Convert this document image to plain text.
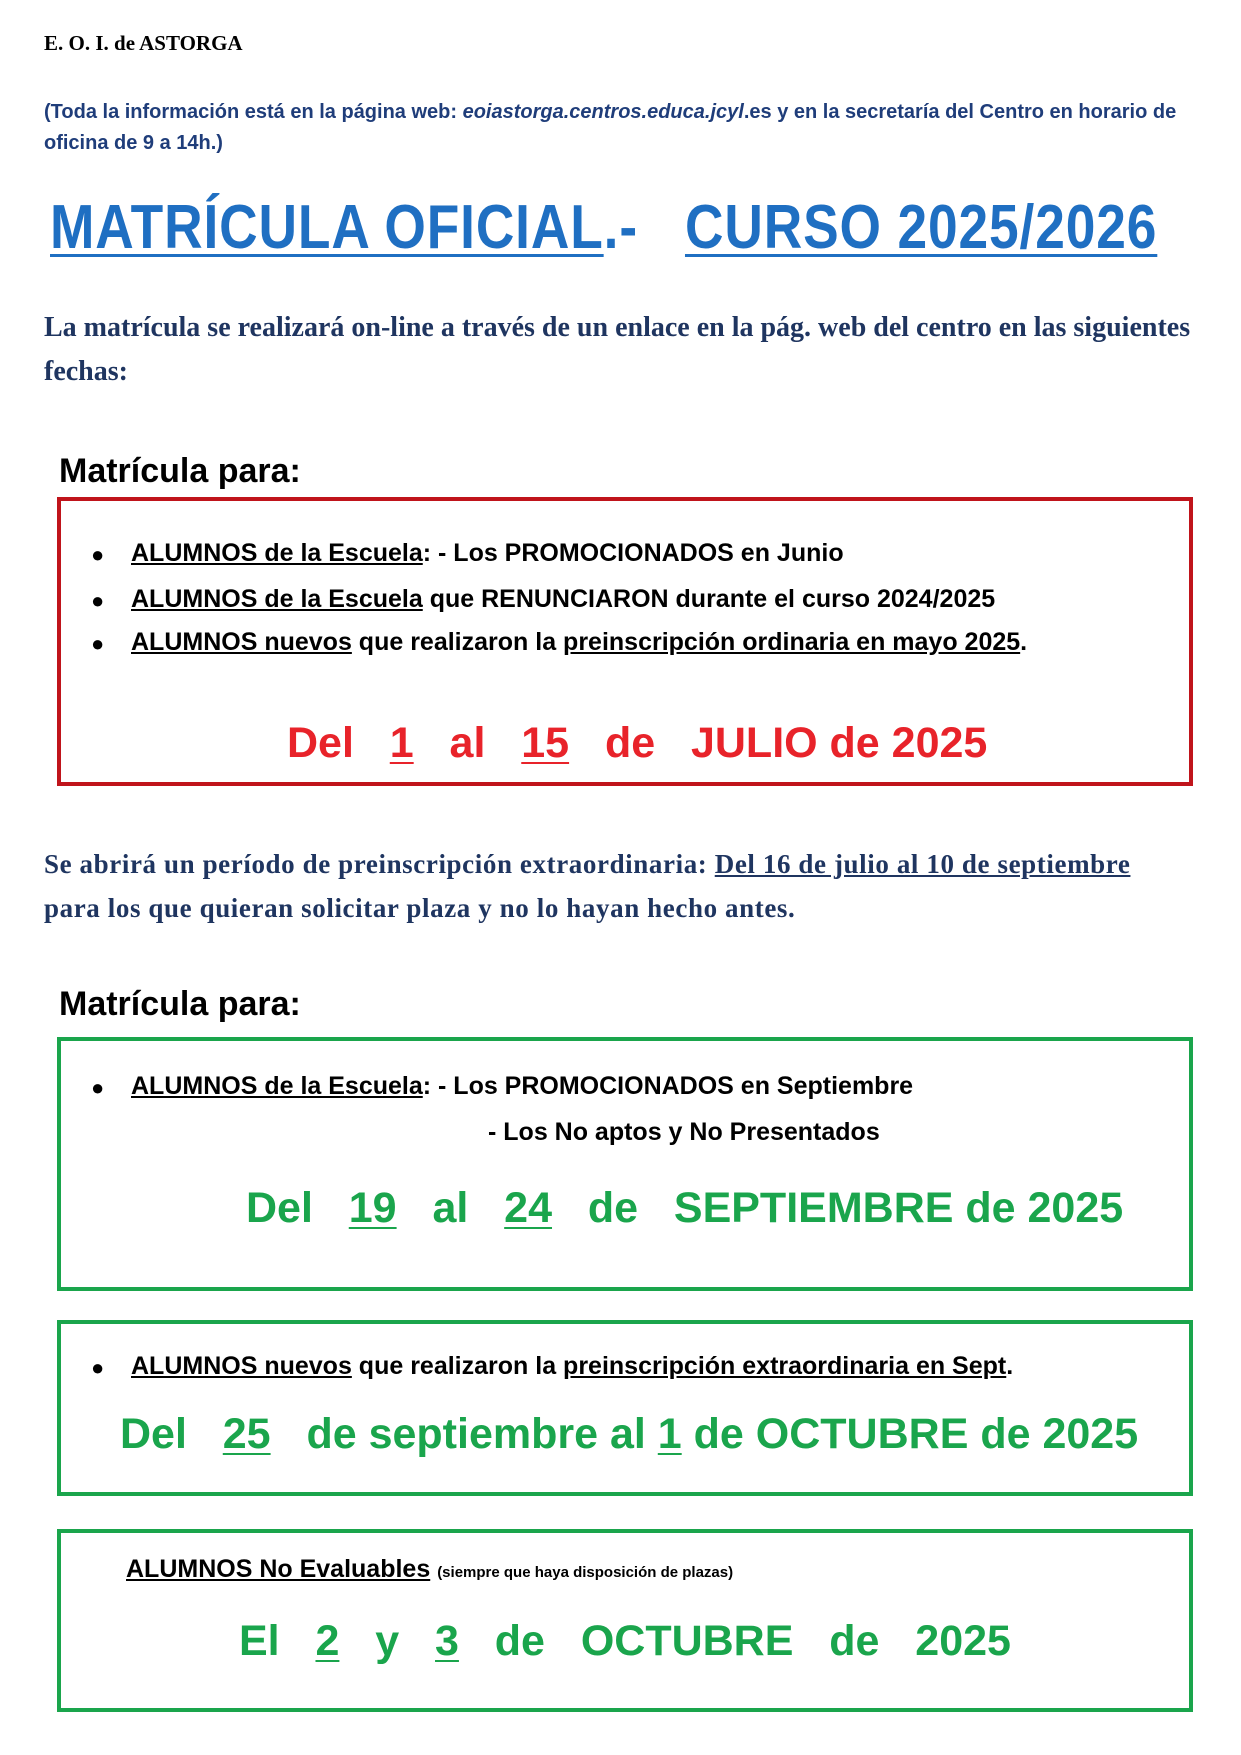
E. O. I. de ASTORGA
(Toda la información está en la página web: eoiastorga.centros.educa.jcyl.es y en la secretaría del Centro en horario de oficina de 9 a 14h.)
MATRÍCULA OFICIAL.- CURSO 2025/2026
La matrícula se realizará on-line a través de un enlace en la pág. web del centro en las siguientes fechas:
Matrícula para:
● ALUMNOS de la Escuela: - Los PROMOCIONADOS en Junio
● ALUMNOS de la Escuela que RENUNCIARON durante el curso 2024/2025
● ALUMNOS nuevos que realizaron la preinscripción ordinaria en mayo 2025.
Del 1 al 15 de JULIO de 2025
Se abrirá un período de preinscripción extraordinaria: Del 16 de julio al 10 de septiembre para los que quieran solicitar plaza y no lo hayan hecho antes.
Matrícula para:
● ALUMNOS de la Escuela: - Los PROMOCIONADOS en Septiembre
- Los No aptos y No Presentados
Del 19 al 24 de SEPTIEMBRE de 2025
● ALUMNOS nuevos que realizaron la preinscripción extraordinaria en Sept.
Del 25 de septiembre al 1 de OCTUBRE de 2025
ALUMNOS No Evaluables (siempre que haya disposición de plazas)
El 2 y 3 de OCTUBRE de 2025
